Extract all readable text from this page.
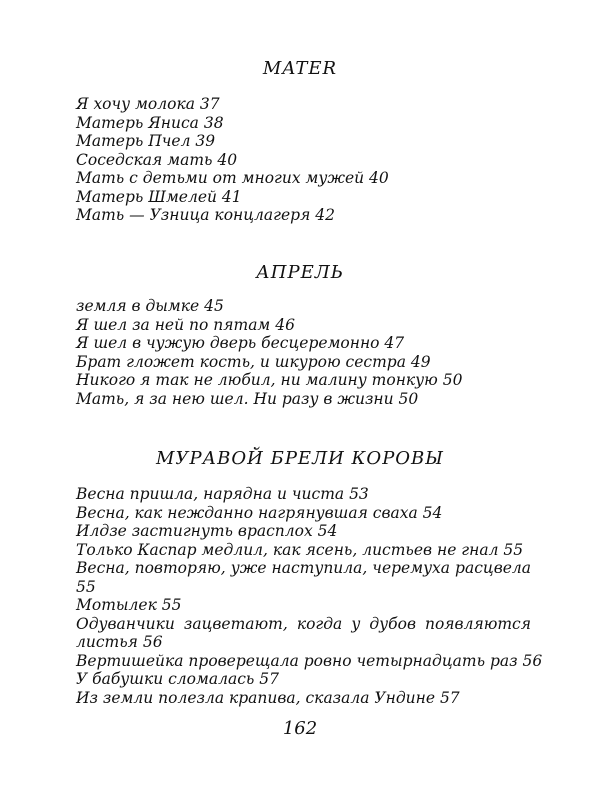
MATER
Я хочу молока 37
Матерь Яниса 38
Матерь Пчел 39
Соседская мать 40
Мать с детьми от многих мужей 40
Матерь Шмелей 41
Мать — Узница концлагеря 42
АПРЕЛЬ
земля в дымке 45
Я шел за ней по пятам 46
Я шел в чужую дверь бесцеремонно 47
Брат гложет кость, и шкурою сестра 49
Никого я так не любил, ни малину тонкую 50
Мать, я за нею шел. Ни разу в жизни 50
МУРАВОЙ БРЕЛИ КОРОВЫ
Весна пришла, нарядна и чиста 53
Весна, как нежданно нагрянувшая сваха 54
Илдзе застигнуть врасплох 54
Только Каспар медлил, как ясень, листьев не гнал 55
Весна, повторяю, уже наступила, черемуха расцвела 55
Мотылек 55
Одуванчики зацветают, когда у дубов появляются листья 56
Вертишейка проверещала ровно четырнадцать раз 56
У бабушки сломалась 57
Из земли полезла крапива, сказала Ундине 57
162
